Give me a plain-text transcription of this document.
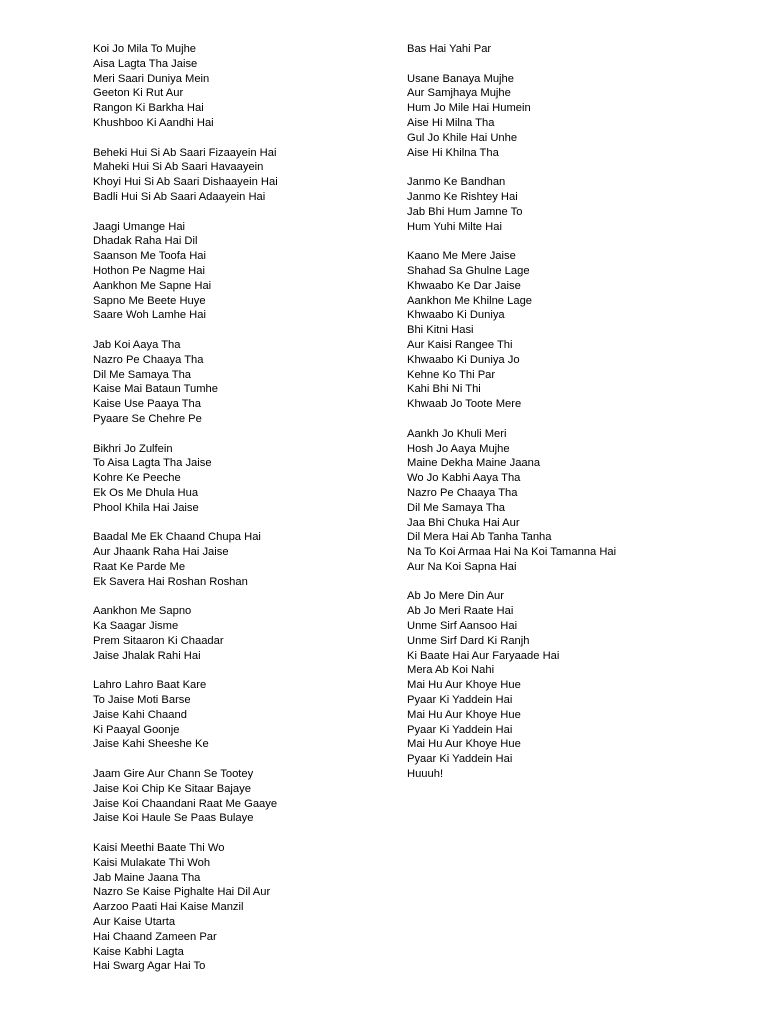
Koi Jo Mila To Mujhe
Aisa Lagta Tha Jaise
Meri Saari Duniya Mein
Geeton Ki Rut Aur
Rangon Ki Barkha Hai
Khushboo Ki Aandhi Hai
Beheki Hui Si Ab Saari Fizaayein Hai
Maheki Hui Si Ab Saari Havaayein
Khoyi Hui Si Ab Saari Dishaayein Hai
Badli Hui Si Ab Saari Adaayein Hai
Jaagi Umange Hai
Dhadak Raha Hai Dil
Saanson Me Toofa Hai
Hothon Pe Nagme Hai
Aankhon Me Sapne Hai
Sapno Me Beete Huye
Saare Woh Lamhe Hai
Jab Koi Aaya Tha
Nazro Pe Chaaya Tha
Dil Me Samaya Tha
Kaise Mai Bataun Tumhe
Kaise Use Paaya Tha
Pyaare Se Chehre Pe
Bikhri Jo Zulfein
To Aisa Lagta Tha Jaise
Kohre Ke Peeche
Ek Os Me Dhula Hua
Phool Khila Hai Jaise
Baadal Me Ek Chaand Chupa Hai
Aur Jhaank Raha Hai Jaise
Raat Ke Parde Me
Ek Savera Hai Roshan Roshan
Aankhon Me Sapno
Ka Saagar Jisme
Prem Sitaaron Ki Chaadar
Jaise Jhalak Rahi Hai
Lahro Lahro Baat Kare
To Jaise Moti Barse
Jaise Kahi Chaand
Ki Paayal Goonje
Jaise Kahi Sheeshe Ke
Jaam Gire Aur Chann Se Tootey
Jaise Koi Chip Ke Sitaar Bajaye
Jaise Koi Chaandani Raat Me Gaaye
Jaise Koi Haule Se Paas Bulaye
Kaisi Meethi Baate Thi Wo
Kaisi Mulakate Thi Woh
Jab Maine Jaana Tha
Nazro Se Kaise Pighalte Hai Dil Aur
Aarzoo Paati Hai Kaise Manzil
Aur Kaise Utarta
Hai Chaand Zameen Par
Kaise Kabhi Lagta
Hai Swarg Agar Hai To
Bas Hai Yahi Par
Usane Banaya Mujhe
Aur Samjhaya Mujhe
Hum Jo Mile Hai Humein
Aise Hi Milna Tha
Gul Jo Khile Hai Unhe
Aise Hi Khilna Tha
Janmo Ke Bandhan
Janmo Ke Rishtey Hai
Jab Bhi Hum Jamne To
Hum Yuhi Milte Hai
Kaano Me Mere Jaise
Shahad Sa Ghulne Lage
Khwaabo Ke Dar Jaise
Aankhon Me Khilne Lage
Khwaabo Ki Duniya
Bhi Kitni Hasi
Aur Kaisi Rangee Thi
Khwaabo Ki Duniya Jo
Kehne Ko Thi Par
Kahi Bhi Ni Thi
Khwaab Jo Toote Mere
Aankh Jo Khuli Meri
Hosh Jo Aaya Mujhe
Maine Dekha Maine Jaana
Wo Jo Kabhi Aaya Tha
Nazro Pe Chaaya Tha
Dil Me Samaya Tha
Jaa Bhi Chuka Hai Aur
Dil Mera Hai Ab Tanha Tanha
Na To Koi Armaa Hai Na Koi Tamanna Hai
Aur Na Koi Sapna Hai
Ab Jo Mere Din Aur
Ab Jo Meri Raate Hai
Unme Sirf Aansoo Hai
Unme Sirf Dard Ki Ranjh
Ki Baate Hai Aur Faryaade Hai
Mera Ab Koi Nahi
Mai Hu Aur Khoye Hue
Pyaar Ki Yaddein Hai
Mai Hu Aur Khoye Hue
Pyaar Ki Yaddein Hai
Mai Hu Aur Khoye Hue
Pyaar Ki Yaddein Hai
Huuuh!
